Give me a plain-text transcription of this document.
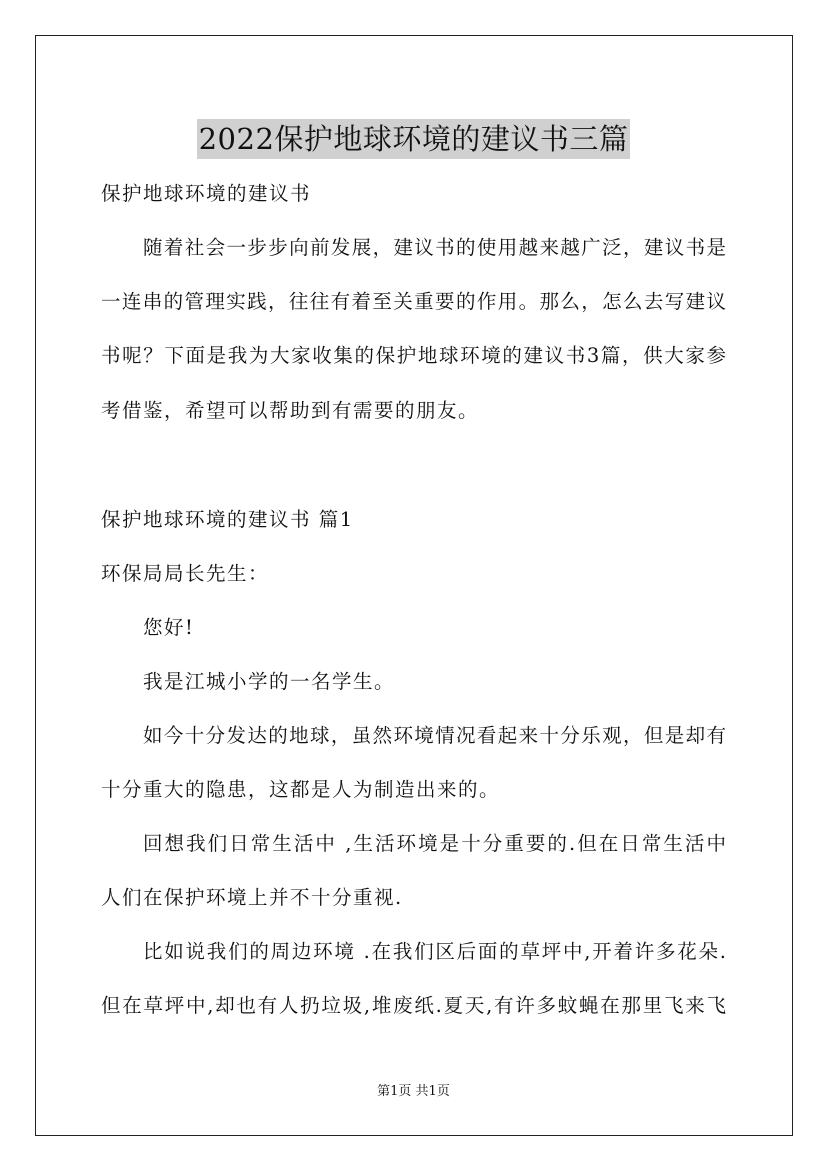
2022保护地球环境的建议书三篇
保护地球环境的建议书
随着社会一步步向前发展，建议书的使用越来越广泛，建议书是
一连串的管理实践，往往有着至关重要的作用。那么，怎么去写建议
书呢？下面是我为大家收集的保护地球环境的建议书3篇，供大家参
考借鉴，希望可以帮助到有需要的朋友。
保护地球环境的建议书 篇1
环保局局长先生：
您好!
我是江城小学的一名学生。
如今十分发达的地球，虽然环境情况看起来十分乐观，但是却有
十分重大的隐患，这都是人为制造出来的。
回想我们日常生活中 ,生活环境是十分重要的.但在日常生活中
人们在保护环境上并不十分重视.
比如说我们的周边环境 .在我们区后面的草坪中,开着许多花朵.
但在草坪中,却也有人扔垃圾,堆废纸.夏天,有许多蚊蝇在那里飞来飞
第1页 共1页
